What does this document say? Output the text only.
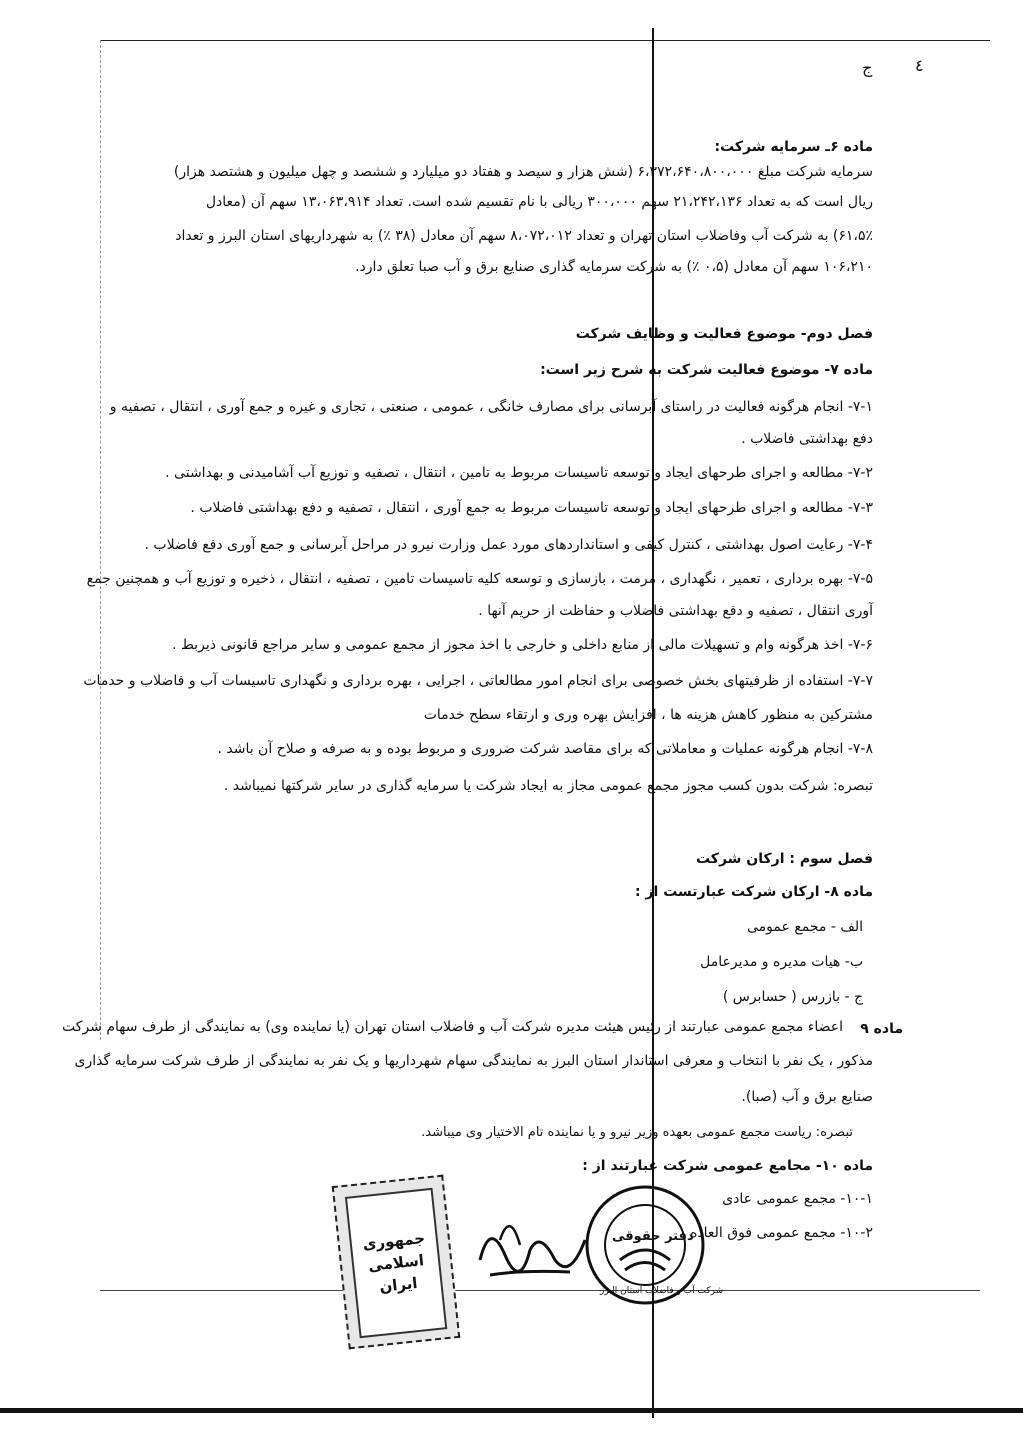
ج	٤
ماده ۶ـ سرمایه شرکت:
سرمایه شرکت مبلغ ۶،۳۷۲،۶۴۰،۸۰۰،۰۰۰ (شش هزار و سیصد و هفتاد دو میلیارد و ششصد و چهل میلیون و هشتصد هزار)
ریال است که به تعداد ۲۱،۲۴۲،۱۳۶ سهم ۳۰۰،۰۰۰ ریالی با نام تقسیم شده است. تعداد ۱۳،۰۶۳،۹۱۴ سهم آن (معادل
۶۱،۵٪) به شرکت آب وفاضلاب استان تهران و تعداد ۸،۰۷۲،۰۱۲ سهم آن معادل (۳۸ ٪) به شهرداریهای استان البرز و تعداد
۱۰۶،۲۱۰ سهم آن معادل (۰،۵ ٪) به شرکت سرمایه گذاری صنایع برق و آب صبا تعلق دارد.
فصل دوم- موضوع فعالیت و وظایف شرکت
ماده ۷- موضوع فعالیت شرکت به شرح زیر است:
۷-۱- انجام هرگونه فعالیت در راستای آبرسانی برای مصارف خانگی ، عمومی ، صنعتی ، تجاری و غیره و جمع آوری ، انتقال ، تصفیه و
دفع بهداشتی فاضلاب .
۷-۲- مطالعه و اجرای طرحهای ایجاد و توسعه تاسیسات مربوط به تامین ، انتقال ، تصفیه و توزیع آب آشامیدنی و بهداشتی .
۷-۳- مطالعه و اجرای طرحهای ایجاد و توسعه تاسیسات مربوط به جمع آوری ، انتقال ، تصفیه و دفع بهداشتی فاضلاب .
۷-۴- رعایت اصول بهداشتی ، کنترل کیفی و استانداردهای مورد عمل وزارت نیرو در مراحل آبرسانی و جمع آوری دفع فاضلاب .
۷-۵- بهره برداری ، تعمیر ، نگهداری ، مرمت ، بازسازی و توسعه کلیه تاسیسات تامین ، تصفیه ، انتقال ، ذخیره و توزیع آب و همچنین جمع
آوری انتقال ، تصفیه و دفع بهداشتی فاضلاب و حفاظت از حریم آنها .
۷-۶- اخذ هرگونه وام و تسهیلات مالی از منابع داخلی و خارجی با اخذ مجوز از مجمع عمومی و سایر مراجع قانونی ذیربط .
۷-۷- استفاده از ظرفیتهای بخش خصوصی برای انجام امور مطالعاتی ، اجرایی ، بهره برداری و نگهداری تاسیسات آب و فاضلاب و حدمات
مشترکین به منظور کاهش هزینه ها ، افزایش بهره وری و ارتقاء سطح خدمات
۷-۸- انجام هرگونه عملیات و معاملاتی که برای مقاصد شرکت ضروری و مربوط بوده و به صرفه و صلاح آن باشد .
تبصره: شرکت بدون کسب مجوز مجمع عمومی مجاز به ایجاد شرکت یا سرمایه گذاری در سایر شرکتها نمیباشد .
فصل سوم : ارکان شرکت
ماده ۸- ارکان شرکت عبارتست از :
الف - مجمع عمومی
ب- هیات مدیره و مدیرعامل
ج - بازرس ( حسابرس )
ماده ۹
اعضاء مجمع عمومی عبارتند از رئیس هیئت مدیره شرکت آب و فاضلاب استان تهران (یا نماینده وی) به نمایندگی از طرف سهام شرکت
مذکور ، یک نفر با انتخاب و معرفی استاندار استان البرز به نمایندگی سهام شهرداریها و یک نفر به نمایندگی از طرف شرکت سرمایه گذاری
صنایع برق و آب (صبا).
تبصره: ریاست مجمع عمومی بعهده وزیر نیرو و یا نماینده تام الاختیار وی میباشد.
ماده ۱۰- مجامع عمومی شرکت عبارتند از :
۱۰-۱- مجمع عمومی عادی
۱۰-۲- مجمع عمومی فوق العاده
جمهوری
اسلامی
ایران
دفتر حقوقی
شرکت آب و فاضلاب استان البرز
